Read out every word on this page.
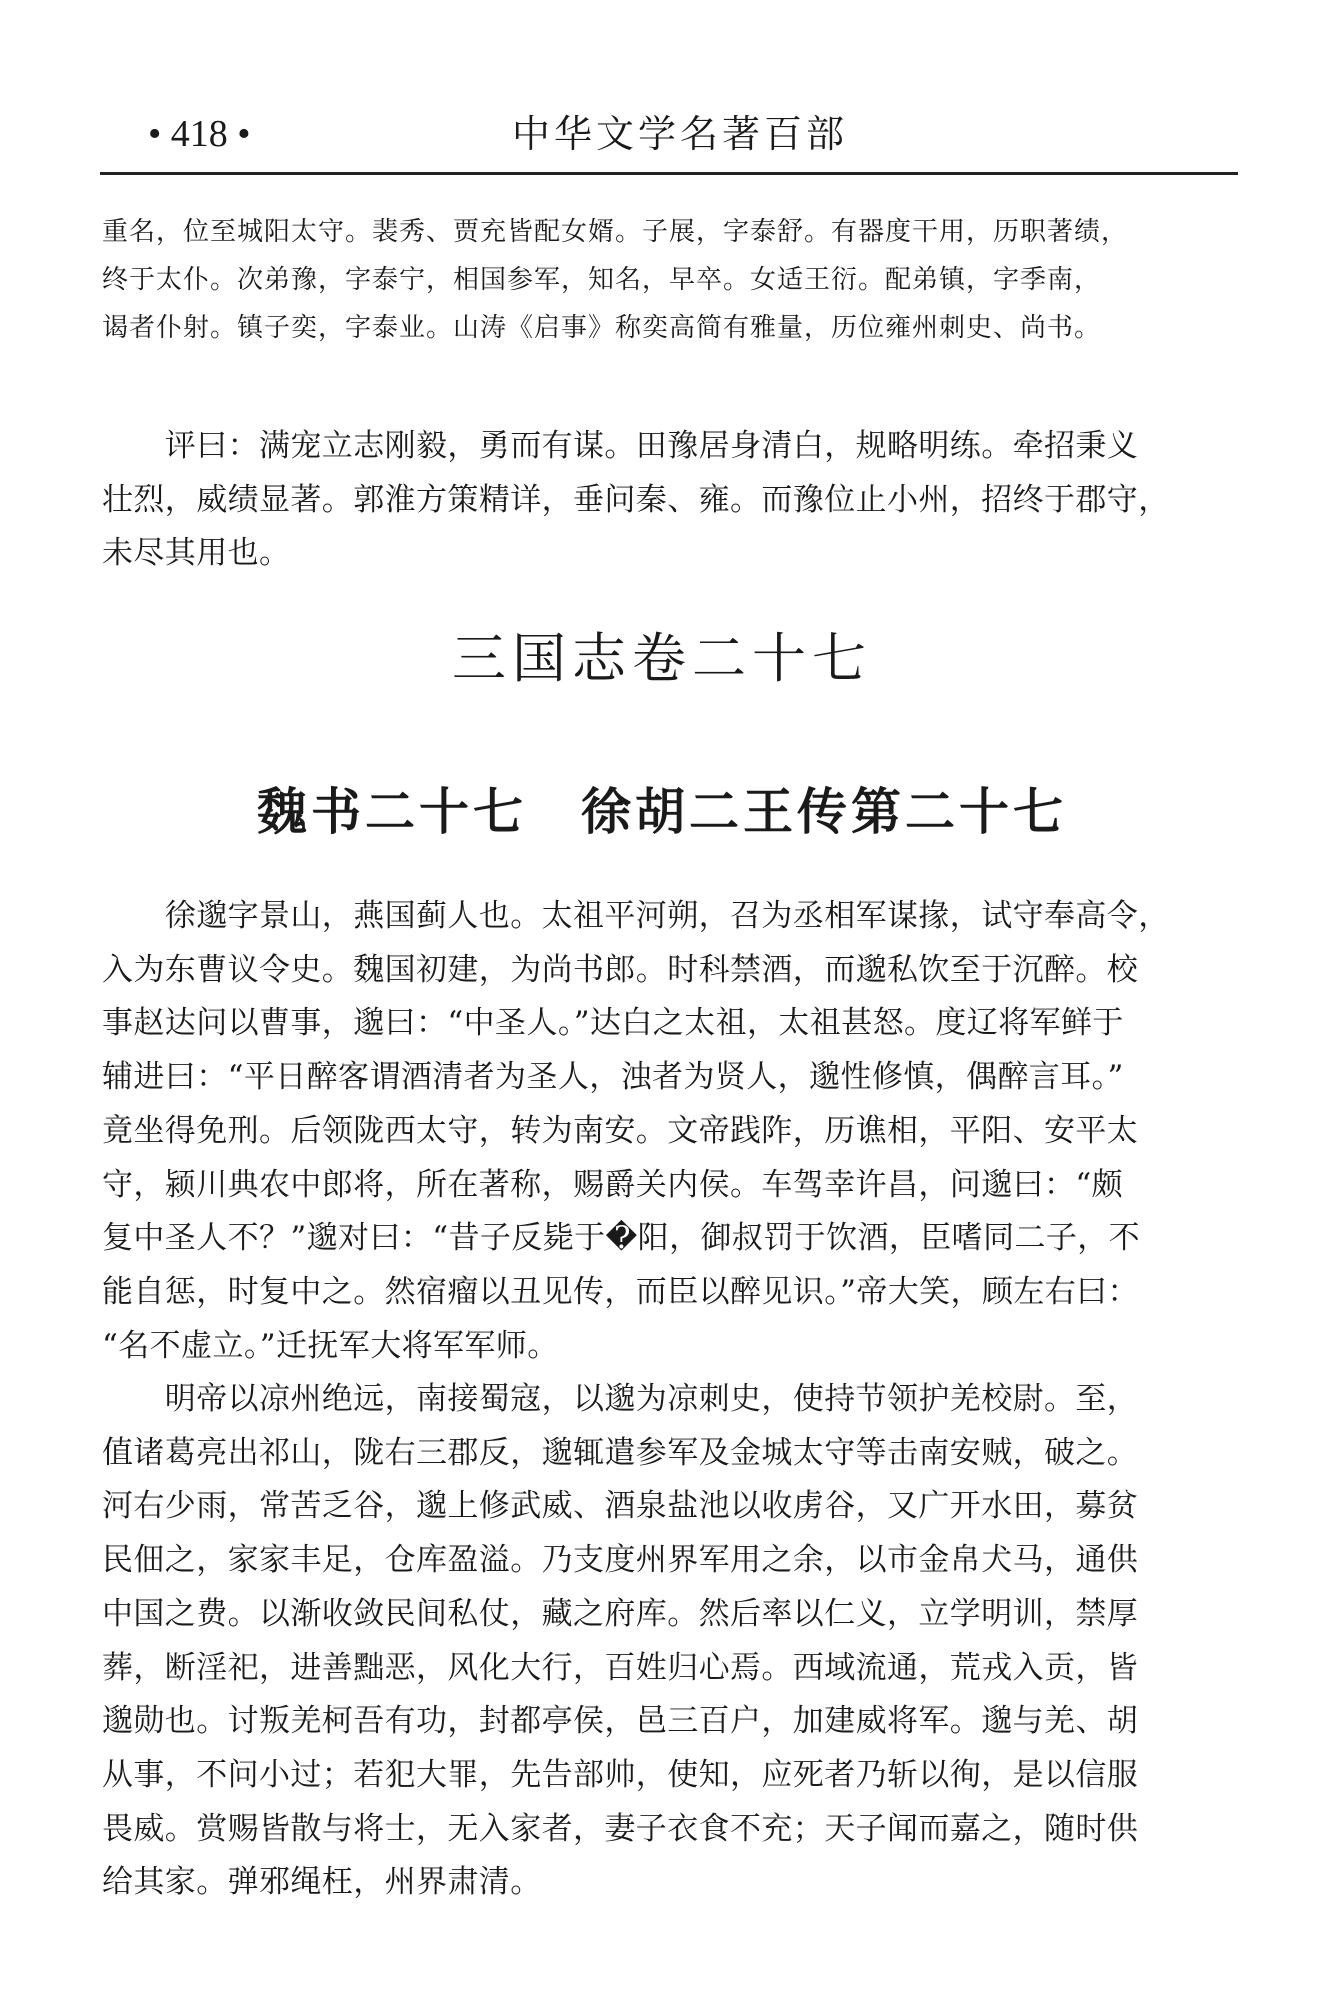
• 418 •	中华文学名著百部
重名，位至城阳太守。裴秀、贾充皆配女婿。子展，字泰舒。有器度干用，历职著绩，
终于太仆。次弟豫，字泰宁，相国参军，知名，早卒。女适王衍。配弟镇，字季南，
谒者仆射。镇子奕，字泰业。山涛《启事》称奕高简有雅量，历位雍州刺史、尚书。
　　评曰：满宠立志刚毅，勇而有谋。田豫居身清白，规略明练。牵招秉义
壮烈，威绩显著。郭淮方策精详，垂问秦、雍。而豫位止小州，招终于郡守，
未尽其用也。
三国志卷二十七
魏书二十七　徐胡二王传第二十七
　　徐邈字景山，燕国蓟人也。太祖平河朔，召为丞相军谋掾，试守奉高令，
入为东曹议令史。魏国初建，为尚书郎。时科禁酒，而邈私饮至于沉醉。校
事赵达问以曹事，邈曰：“中圣人。”达白之太祖，太祖甚怒。度辽将军鲜于
辅进曰：“平日醉客谓酒清者为圣人，浊者为贤人，邈性修慎，偶醉言耳。”
竟坐得免刑。后领陇西太守，转为南安。文帝践阼，历谯相，平阳、安平太
守，颍川典农中郎将，所在著称，赐爵关内侯。车驾幸许昌，问邈曰：“颇
复中圣人不？”邈对曰：“昔子反毙于�阳，御叔罚于饮酒，臣嗜同二子，不
能自惩，时复中之。然宿瘤以丑见传，而臣以醉见识。”帝大笑，顾左右曰：
“名不虚立。”迁抚军大将军军师。
　　明帝以凉州绝远，南接蜀寇，以邈为凉刺史，使持节领护羌校尉。至，
值诸葛亮出祁山，陇右三郡反，邈辄遣参军及金城太守等击南安贼，破之。
河右少雨，常苦乏谷，邈上修武威、酒泉盐池以收虏谷，又广开水田，募贫
民佃之，家家丰足，仓库盈溢。乃支度州界军用之余，以市金帛犬马，通供
中国之费。以渐收敛民间私仗，藏之府库。然后率以仁义，立学明训，禁厚
葬，断淫祀，进善黜恶，风化大行，百姓归心焉。西域流通，荒戎入贡，皆
邈勋也。讨叛羌柯吾有功，封都亭侯，邑三百户，加建威将军。邈与羌、胡
从事，不问小过；若犯大罪，先告部帅，使知，应死者乃斩以徇，是以信服
畏威。赏赐皆散与将士，无入家者，妻子衣食不充；天子闻而嘉之，随时供
给其家。弹邪绳枉，州界肃清。
